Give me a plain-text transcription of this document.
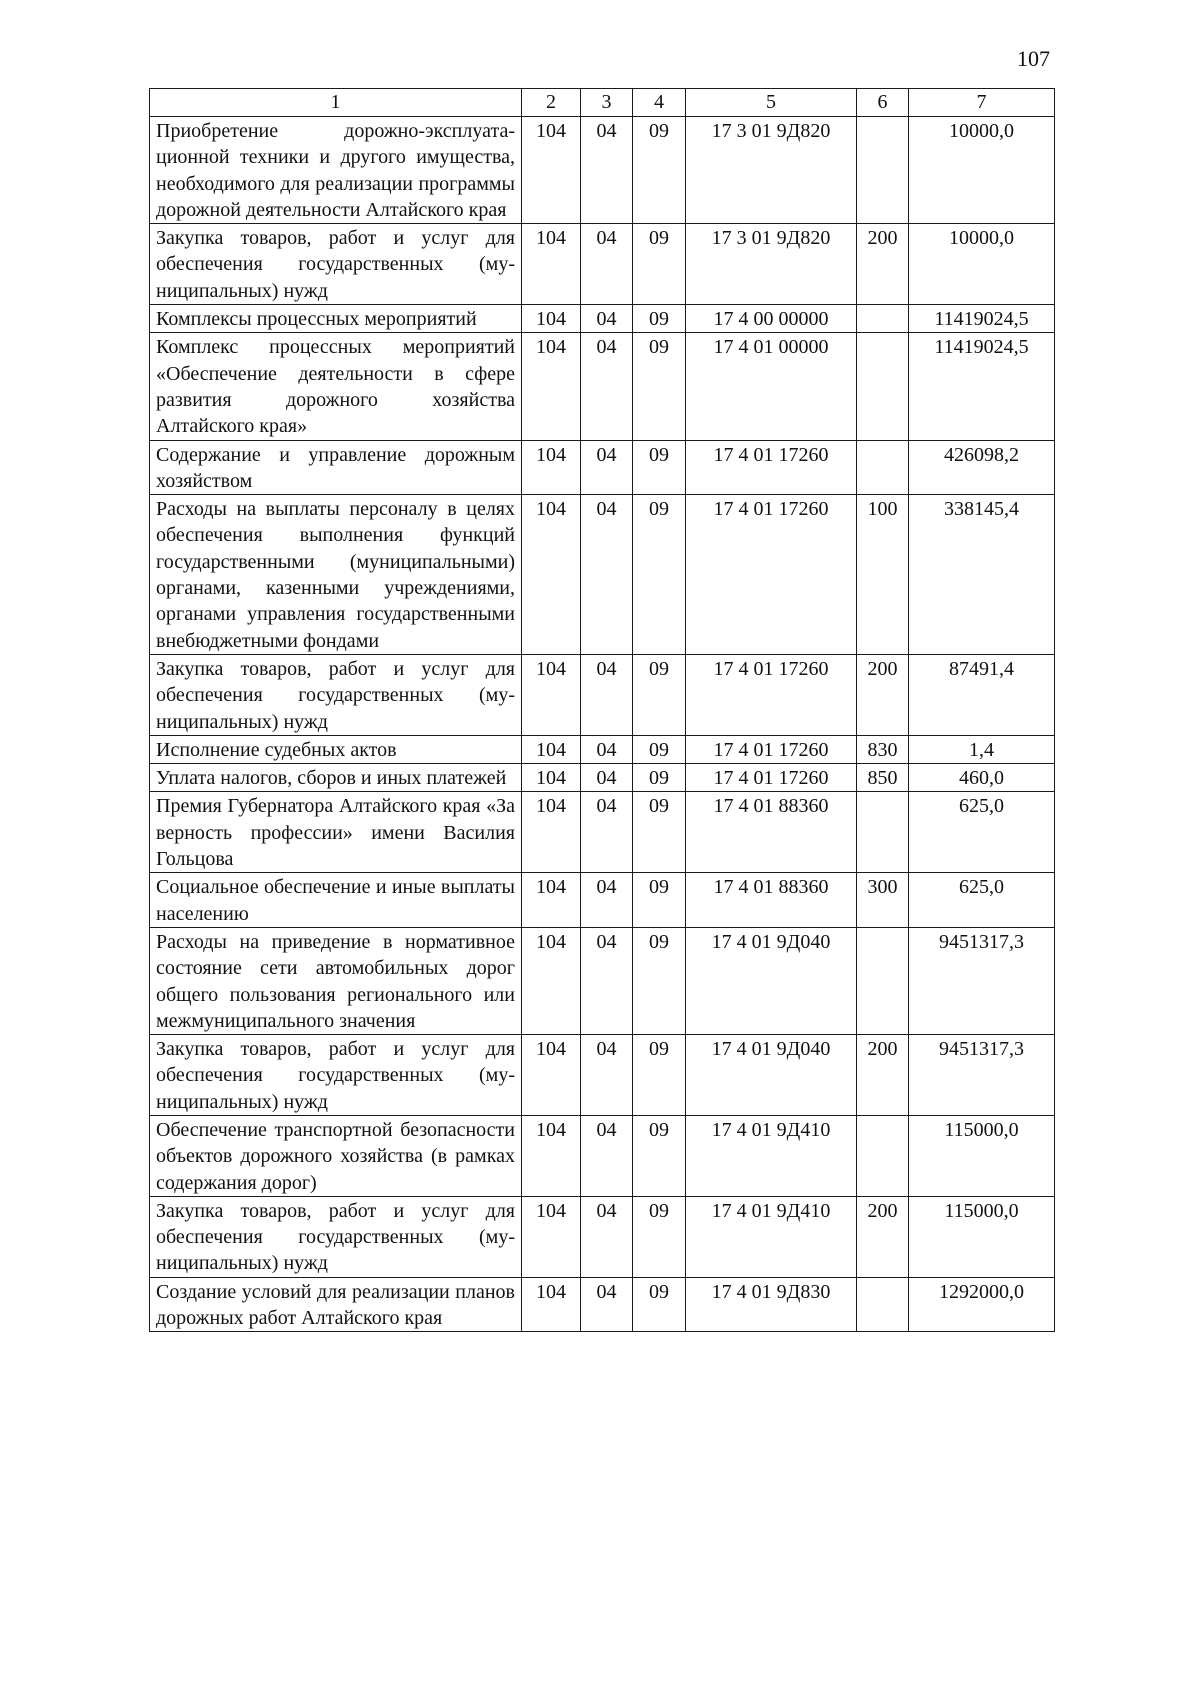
107
1	2	3	4	5	6	7
Приобретение дорожно-эксплуатационной техники и другого имущества, необходимого для реализации программы дорожной деятельности Алтайского края	104	04	09	17 3 01 9Д820		10000,0
Закупка товаров, работ и услуг для обеспечения государственных (муниципальных) нужд	104	04	09	17 3 01 9Д820	200	10000,0
Комплексы процессных мероприятий	104	04	09	17 4 00 00000		11419024,5
Комплекс процессных мероприятий «Обеспечение деятельности в сфере развития дорожного хозяйства Алтайского края»	104	04	09	17 4 01 00000		11419024,5
Содержание и управление дорожным хозяйством	104	04	09	17 4 01 17260		426098,2
Расходы на выплаты персоналу в целях обеспечения выполнения функций государственными (муниципальными) органами, казенными учреждениями, органами управления государственными внебюджетными фондами	104	04	09	17 4 01 17260	100	338145,4
Закупка товаров, работ и услуг для обеспечения государственных (муниципальных) нужд	104	04	09	17 4 01 17260	200	87491,4
Исполнение судебных актов	104	04	09	17 4 01 17260	830	1,4
Уплата налогов, сборов и иных платежей	104	04	09	17 4 01 17260	850	460,0
Премия Губернатора Алтайского края «За верность профессии» имени Василия Гольцова	104	04	09	17 4 01 88360		625,0
Социальное обеспечение и иные выплаты населению	104	04	09	17 4 01 88360	300	625,0
Расходы на приведение в нормативное состояние сети автомобильных дорог общего пользования регионального или межмуниципального значения	104	04	09	17 4 01 9Д040		9451317,3
Закупка товаров, работ и услуг для обеспечения государственных (муниципальных) нужд	104	04	09	17 4 01 9Д040	200	9451317,3
Обеспечение транспортной безопасности объектов дорожного хозяйства (в рамках содержания дорог)	104	04	09	17 4 01 9Д410		115000,0
Закупка товаров, работ и услуг для обеспечения государственных (муниципальных) нужд	104	04	09	17 4 01 9Д410	200	115000,0
Создание условий для реализации планов дорожных работ Алтайского края	104	04	09	17 4 01 9Д830		1292000,0
